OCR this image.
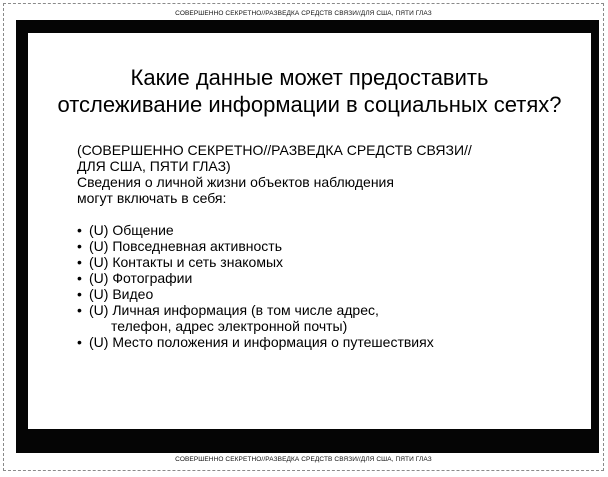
СОВЕРШЕННО СЕКРЕТНО//РАЗВЕДКА СРЕДСТВ СВЯЗИ//ДЛЯ США, ПЯТИ ГЛАЗ
Какие данные может предоставить
отслеживание информации в социальных сетях?

(СОВЕРШЕННО СЕКРЕТНО//РАЗВЕДКА СРЕДСТВ СВЯЗИ//
ДЛЯ США, ПЯТИ ГЛАЗ)

Сведения о личной жизни объектов наблюдения
могут включать в себя:

• (U) Общение
• (U) Повседневная активность
• (U) Контакты и сеть знакомых
• (U) Фотографии
• (U) Видео
• (U) Личная информация (в том числе адрес,
телефон, адрес электронной почты)
• (U) Место положения и информация о путешествиях
СОВЕРШЕННО СЕКРЕТНО//РАЗВЕДКА СРЕДСТВ СВЯЗИ//ДЛЯ США, ПЯТИ ГЛАЗ
